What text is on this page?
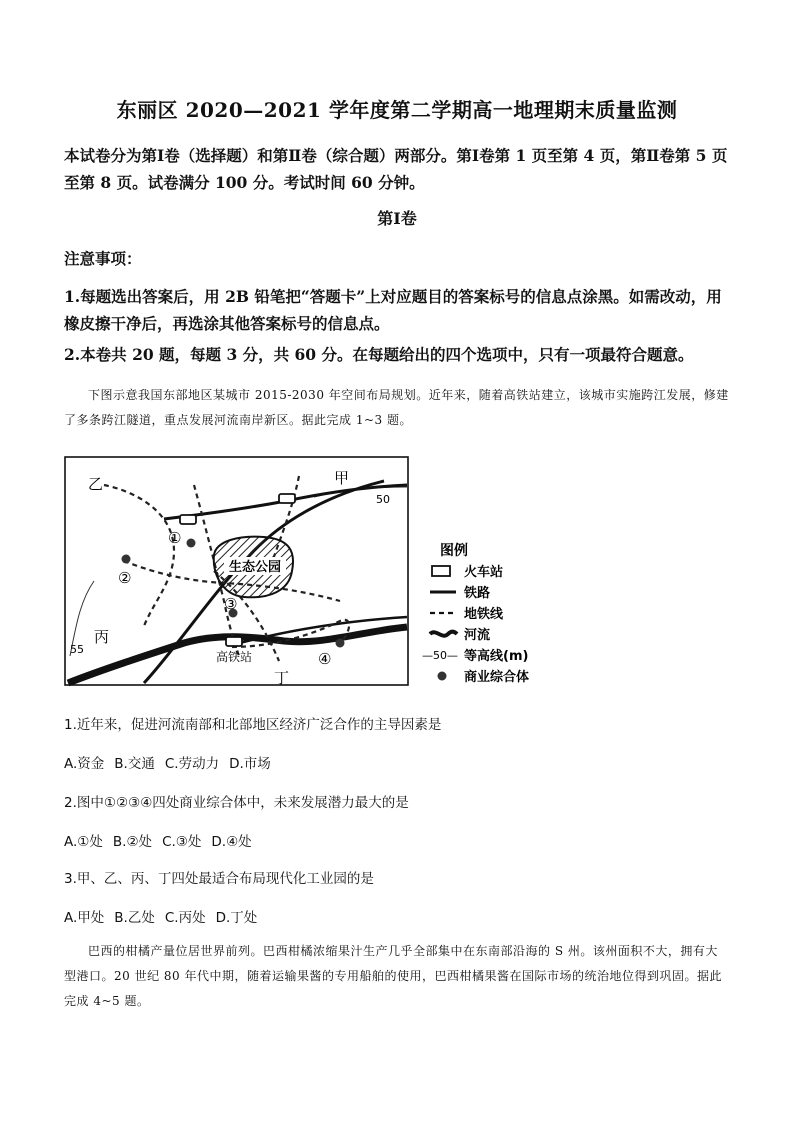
东丽区 2020—2021 学年度第二学期高一地理期末质量监测
本试卷分为第Ⅰ卷（选择题）和第Ⅱ卷（综合题）两部分。第Ⅰ卷第 1 页至第 4 页，第Ⅱ卷第 5 页至第 8 页。试卷满分 100 分。考试时间 60 分钟。
第Ⅰ卷
注意事项：
1.每题选出答案后，用 2B 铅笔把“答题卡”上对应题目的答案标号的信息点涂黑。如需改动，用橡皮擦干净后，再选涂其他答案标号的信息点。
2.本卷共 20 题，每题 3 分，共 60 分。在每题给出的四个选项中，只有一项最符合题意。
下图示意我国东部地区某城市 2015-2030 年空间布局规划。近年来，随着高铁站建立，该城市实施跨江发展，修建了多条跨江隧道，重点发展河流南岸新区。据此完成 1~3 题。
生态公园
高铁站
①
②
③
④
乙	甲
丙
丁
50
55
图例
火车站
铁路
地铁线
河流
—50— 等高线(m)
商业综合体
1.近年来，促进河流南部和北部地区经济广泛合作的主导因素是
A.资金 B.交通 C.劳动力 D.市场
2.图中①②③④四处商业综合体中，未来发展潜力最大的是
A.①处 B.②处 C.③处 D.④处
3.甲、乙、丙、丁四处最适合布局现代化工业园的是
A.甲处 B.乙处 C.丙处 D.丁处
巴西的柑橘产量位居世界前列。巴西柑橘浓缩果汁生产几乎全部集中在东南部沿海的 S 州。该州面积不大，拥有大型港口。20 世纪 80 年代中期，随着运输果酱的专用船舶的使用，巴西柑橘果酱在国际市场的统治地位得到巩固。据此完成 4~5 题。
